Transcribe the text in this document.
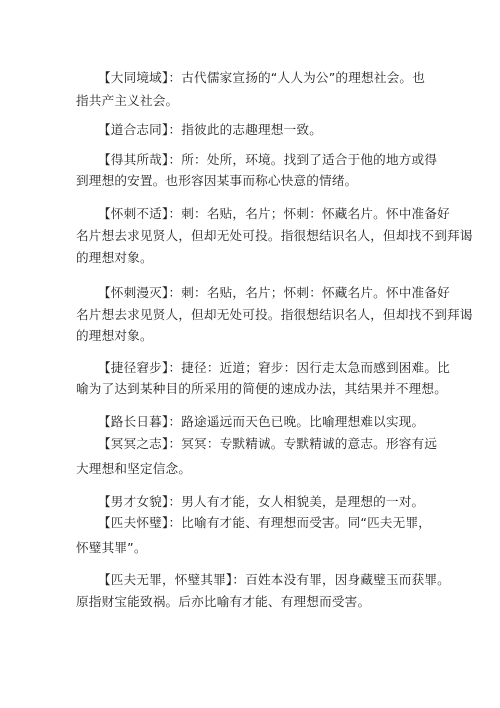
【大同境域】：古代儒家宣扬的“人人为公”的理想社会。也
指共产主义社会。
【道合志同】：指彼此的志趣理想一致。
【得其所哉】：所：处所，环境。找到了适合于他的地方或得
到理想的安置。也形容因某事而称心快意的情绪。
【怀刺不适】：刺：名贴，名片；怀刺：怀藏名片。怀中准备好
名片想去求见贤人，但却无处可投。指很想结识名人，但却找不到拜谒
的理想对象。
【怀刺漫灭】：刺：名贴，名片；怀刺：怀藏名片。怀中准备好
名片想去求见贤人，但却无处可投。指很想结识名人，但却找不到拜谒
的理想对象。
【捷径窘步】：捷径：近道；窘步：因行走太急而感到困难。比
喻为了达到某种目的所采用的简便的速成办法，其结果并不理想。
【路长日暮】：路途遥远而天色已晚。比喻理想难以实现。
【冥冥之志】：冥冥：专默精诚。专默精诚的意志。形容有远
大理想和坚定信念。
【男才女貌】：男人有才能，女人相貌美，是理想的一对。
【匹夫怀璧】：比喻有才能、有理想而受害。同“匹夫无罪，
怀璧其罪”。
【匹夫无罪，怀璧其罪】：百姓本没有罪，因身藏璧玉而获罪。
原指财宝能致祸。后亦比喻有才能、有理想而受害。
